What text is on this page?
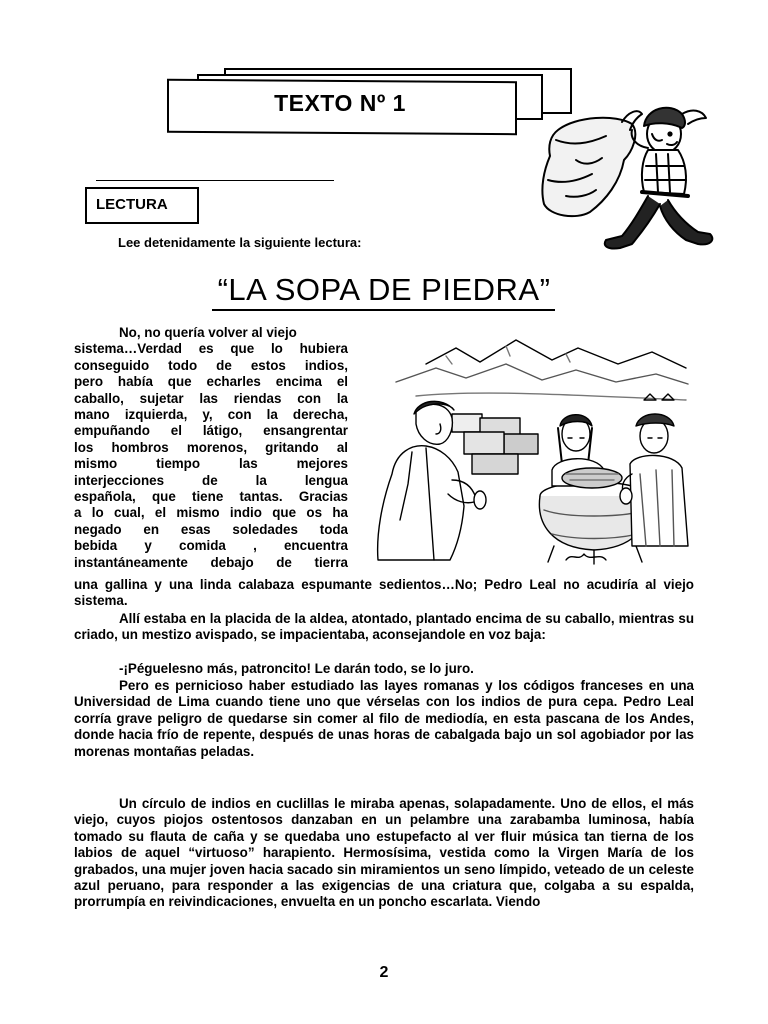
TEXTO Nº 1
LECTURA
Lee detenidamente la siguiente lectura:
“LA SOPA DE PIEDRA”
No, no quería volver al viejo
sistema…Verdad es que lo hubiera
conseguido todo de estos indios,
pero había que echarles encima el
caballo, sujetar las riendas con la
mano izquierda, y, con la derecha,
empuñando el látigo, ensangrentar
los hombros morenos, gritando al
mismo tiempo las mejores
interjecciones de la lengua
española, que tiene tantas. Gracias
a lo cual, el mismo indio que os ha
negado en esas soledades toda
bebida y comida , encuentra
instantáneamente debajo de tierra
una gallina y una linda calabaza espumante sedientos…No; Pedro Leal no acudiría al viejo sistema.
Allí estaba en la placida de la aldea, atontado, plantado encima de su caballo, mientras su criado, un mestizo avispado, se impacientaba, aconsejandole en voz baja:
-¡Péguelesno más, patroncito! Le darán todo, se lo juro.
Pero es pernicioso haber estudiado las layes romanas y los códigos franceses en una Universidad de Lima cuando tiene uno que vérselas con los indios de pura cepa. Pedro Leal corría grave peligro de quedarse sin comer al filo de mediodía, en esta pascana de los Andes, donde hacia frío de repente, después de unas horas de cabalgada bajo un sol agobiador por las morenas montañas peladas.
Un círculo de indios en cuclillas le miraba apenas, solapadamente. Uno de ellos, el más viejo, cuyos piojos ostentosos danzaban en un pelambre una zarabamba luminosa, había tomado su flauta de caña y se quedaba uno estupefacto al ver fluir música tan tierna de los labios de aquel “virtuoso” harapiento. Hermosísima, vestida como la Virgen María de los grabados, una mujer joven hacia sacado sin miramientos un seno límpido, veteado de un celeste azul peruano, para responder a las exigencias de una criatura que, colgaba a su espalda, prorrumpía en reivindicaciones, envuelta en un poncho escarlata. Viendo
2
